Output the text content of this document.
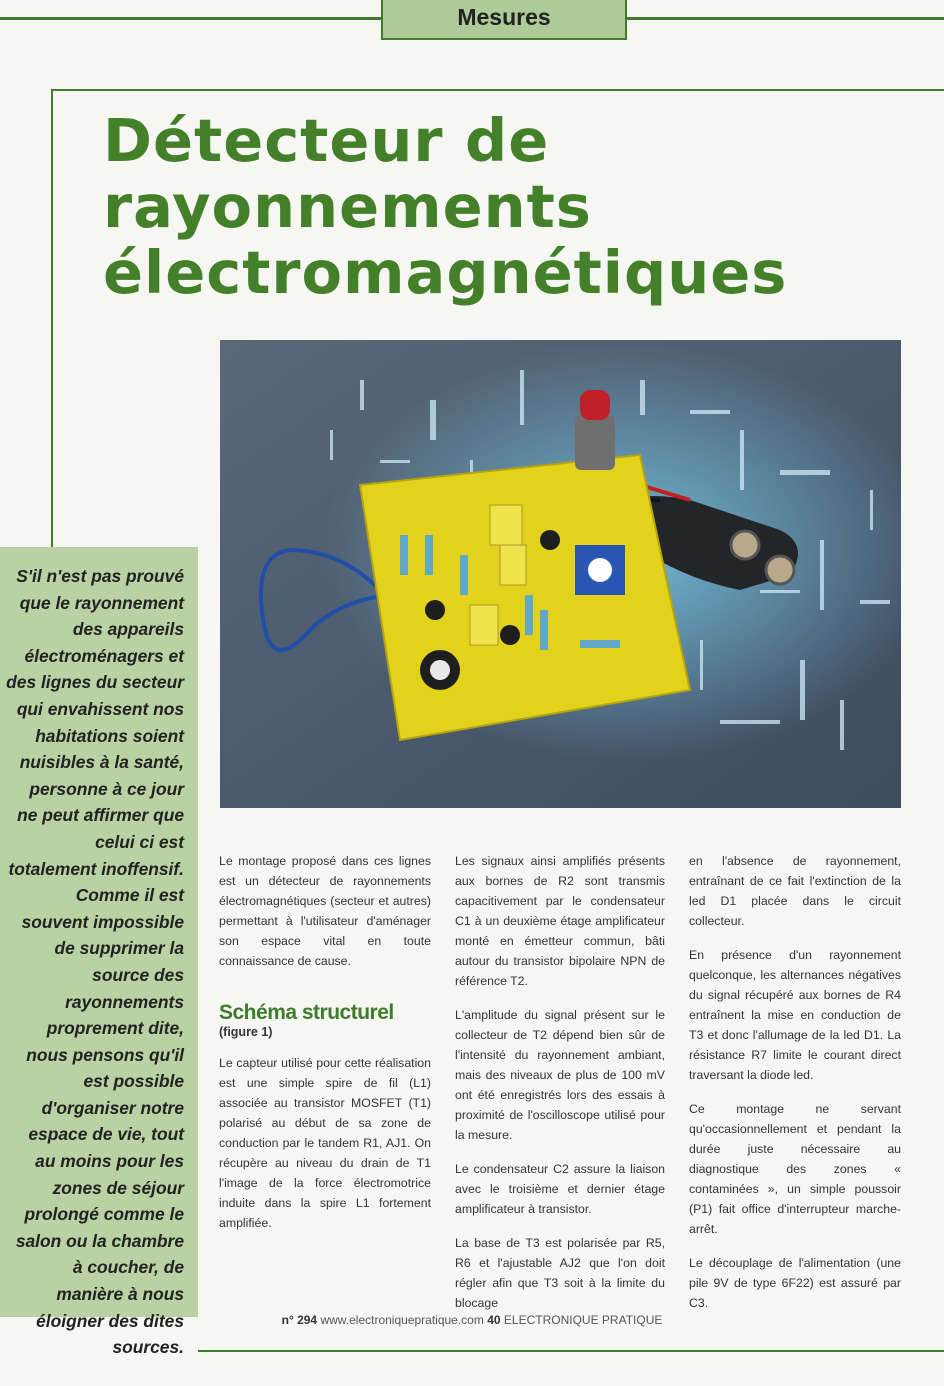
Mesures
Détecteur de
rayonnements
électromagnétiques

S'il n'est pas prouvé que le rayonnement des appareils électroménagers et des lignes du secteur qui envahissent nos habitations soient nuisibles à la santé, personne à ce jour ne peut affirmer que celui ci est totalement inoffensif. Comme il est souvent impossible de supprimer la source des rayonnements proprement dite, nous pensons qu'il est possible d'organiser notre espace de vie, tout au moins pour les zones de séjour prolongé comme le salon ou la chambre à coucher, de manière à nous éloigner des dites sources.

Le montage proposé dans ces lignes est un détecteur de rayonnements électromagnétiques (secteur et autres) permettant à l'utilisateur d'aménager son espace vital en toute connaissance de cause.

Schéma structurel

(figure 1)

Le capteur utilisé pour cette réalisation est une simple spire de fil (L1) associée au transistor MOSFET (T1) polarisé au début de sa zone de conduction par le tandem R1, AJ1. On récupère au niveau du drain de T1 l'image de la force électromotrice induite dans la spire L1 fortement amplifiée.

Les signaux ainsi amplifiés présents aux bornes de R2 sont transmis capacitivement par le condensateur C1 à un deuxième étage amplificateur monté en émetteur commun, bâti autour du transistor bipolaire NPN de référence T2.

L'amplitude du signal présent sur le collecteur de T2 dépend bien sûr de l'intensité du rayonnement ambiant, mais des niveaux de plus de 100 mV ont été enregistrés lors des essais à proximité de l'oscilloscope utilisé pour la mesure.

Le condensateur C2 assure la liaison avec le troisième et dernier étage amplificateur à transistor.

La base de T3 est polarisée par R5, R6 et l'ajustable AJ2 que l'on doit régler afin que T3 soit à la limite du blocage

en l'absence de rayonnement, entraînant de ce fait l'extinction de la led D1 placée dans le circuit collecteur.

En présence d'un rayonnement quelconque, les alternances négatives du signal récupéré aux bornes de R4 entraînent la mise en conduction de T3 et donc l'allumage de la led D1. La résistance R7 limite le courant direct traversant la diode led.

Ce montage ne servant qu'occasionnellement et pendant la durée juste nécessaire au diagnostique des zones « contaminées », un simple poussoir (P1) fait office d'interrupteur marche-arrêt.

Le découplage de l'alimentation (une pile 9V de type 6F22) est assuré par C3.

n° 294 www.electroniquepratique.com 40 ELECTRONIQUE PRATIQUE
